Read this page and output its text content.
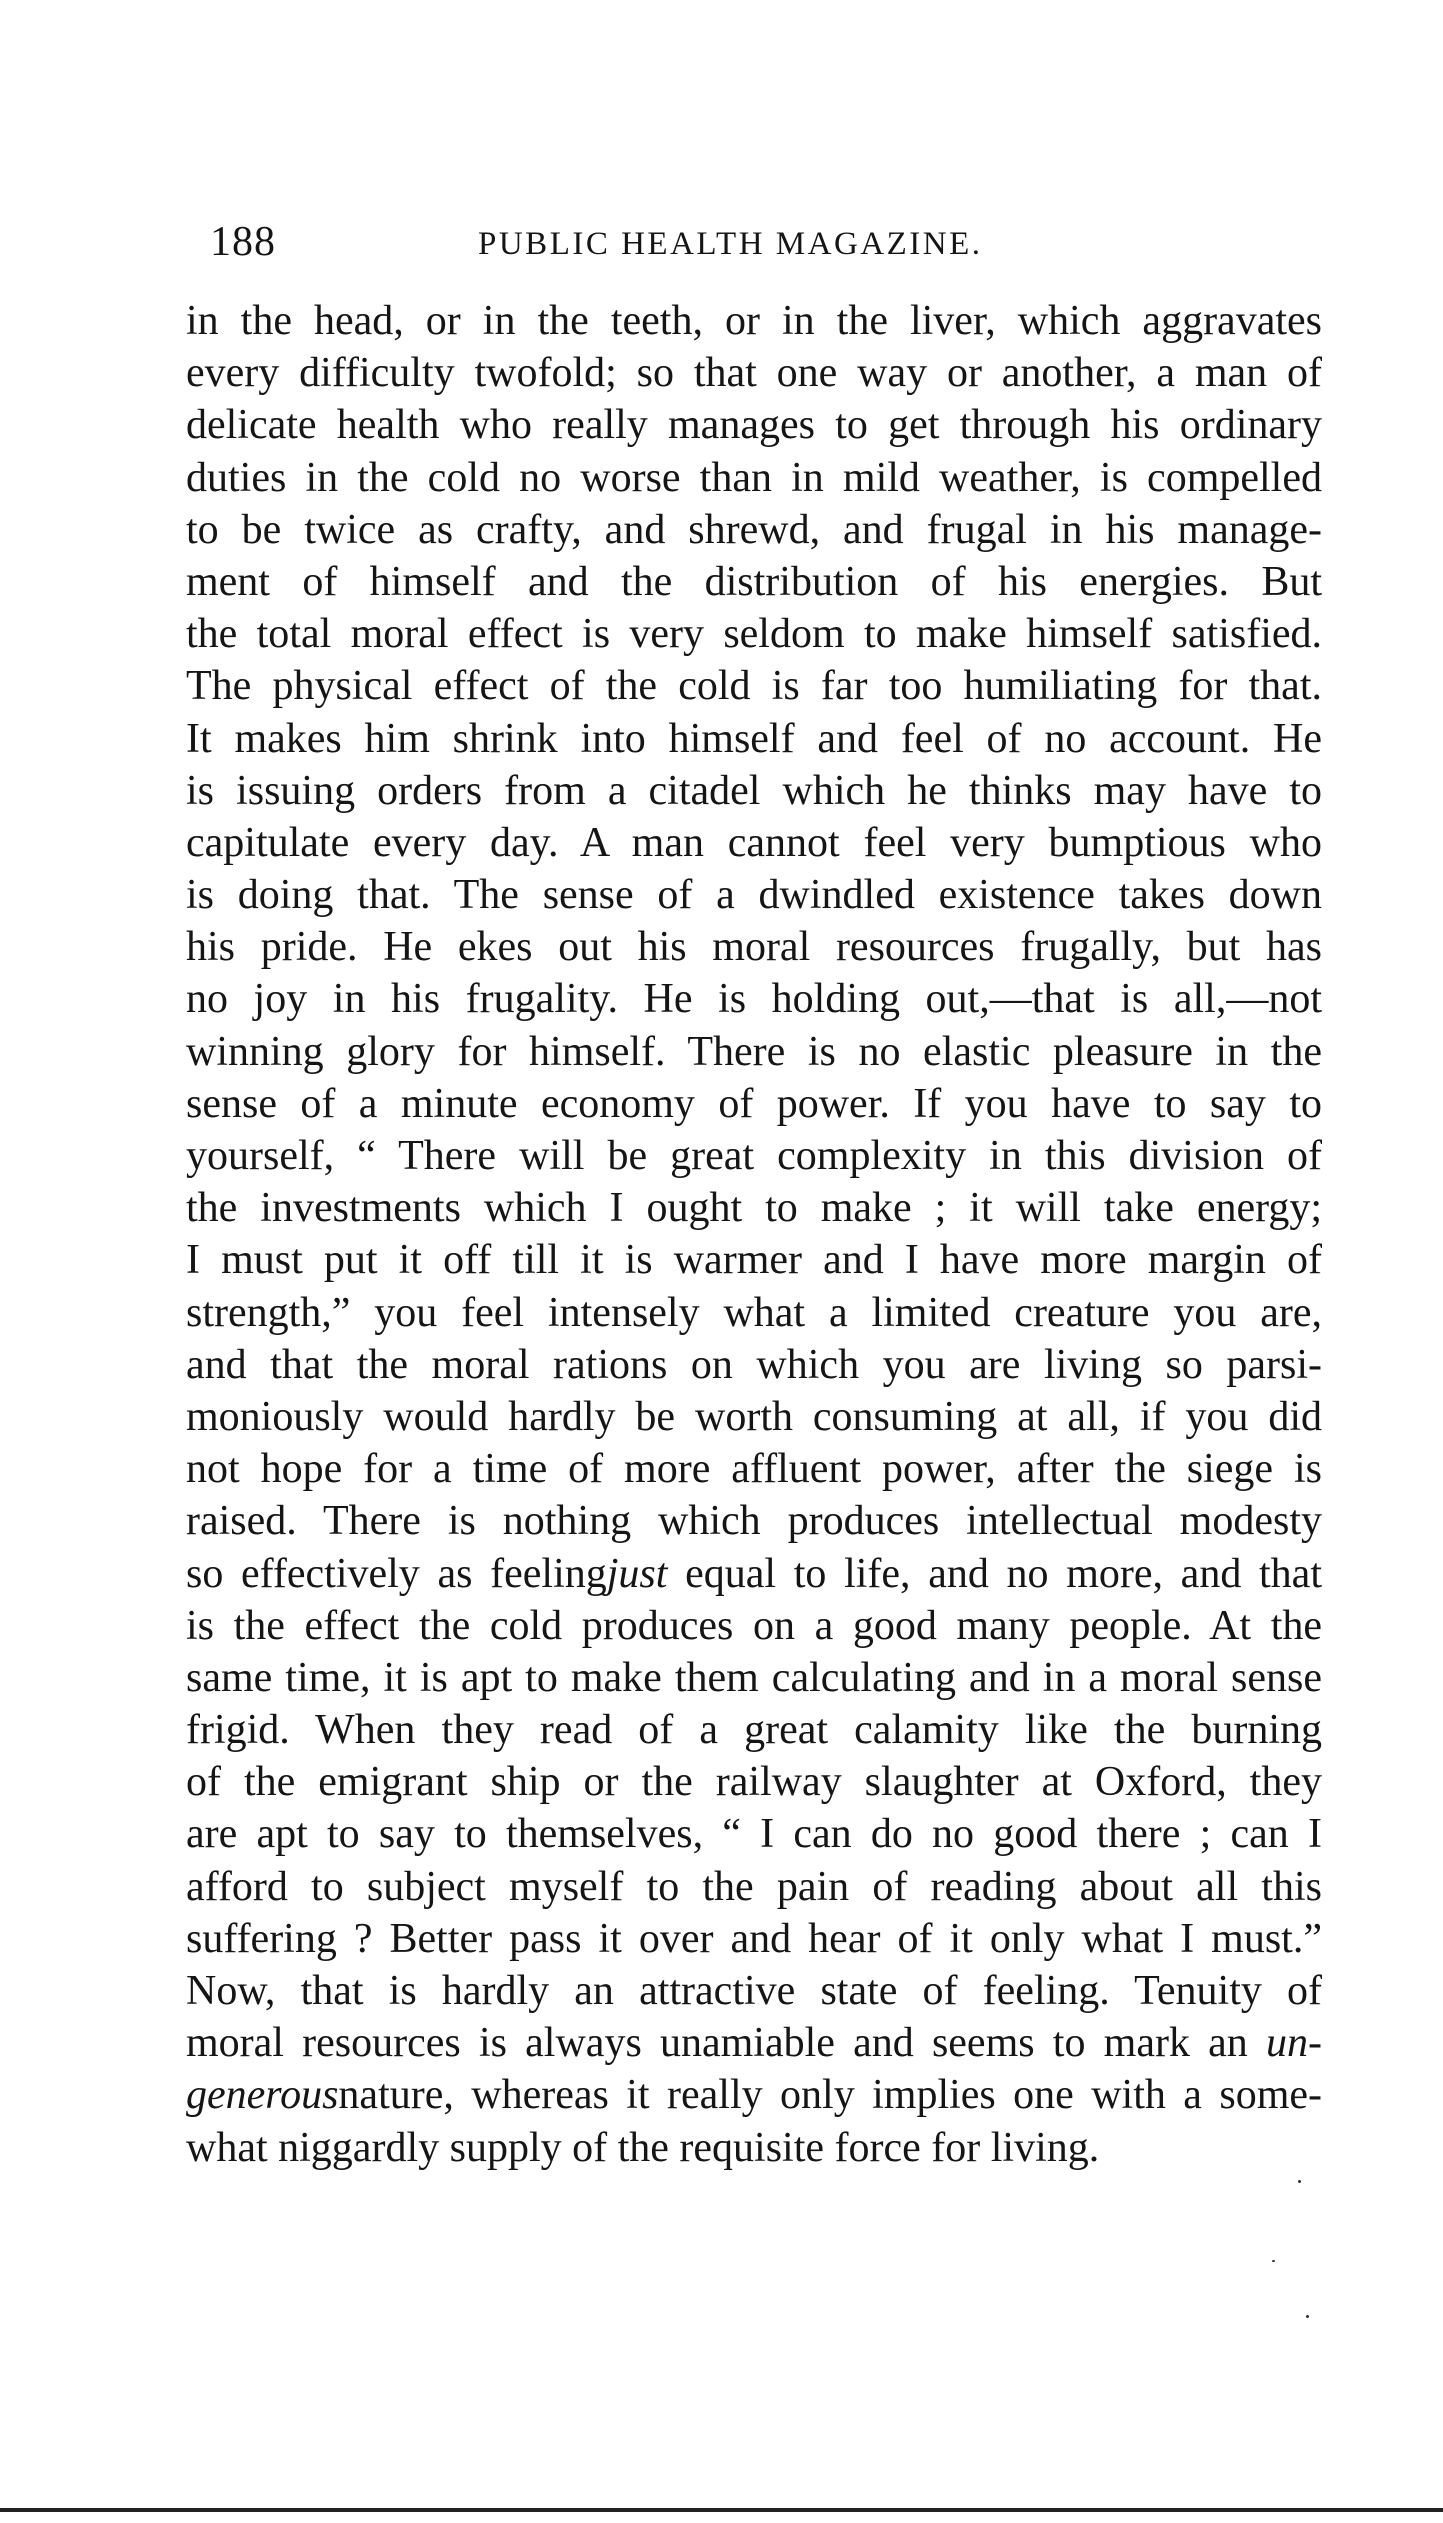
188	PUBLIC HEALTH MAGAZINE.
in the head, or in the teeth, or in the liver, which aggravates
every difficulty twofold; so that one way or another, a man of
delicate health who really manages to get through his ordinary
duties in the cold no worse than in mild weather, is compelled
to be twice as crafty, and shrewd, and frugal in his manage-
ment of himself and the distribution of his energies. But
the total moral effect is very seldom to make himself satisfied.
The physical effect of the cold is far too humiliating for that.
It makes him shrink into himself and feel of no account. He
is issuing orders from a citadel which he thinks may have to
capitulate every day. A man cannot feel very bumptious who
is doing that. The sense of a dwindled existence takes down
his pride. He ekes out his moral resources frugally, but has
no joy in his frugality. He is holding out,—that is all,—not
winning glory for himself. There is no elastic pleasure in the
sense of a minute economy of power. If you have to say to
yourself, “ There will be great complexity in this division of
the investments which I ought to make ; it will take energy;
I must put it off till it is warmer and I have more margin of
strength,” you feel intensely what a limited creature you are,
and that the moral rations on which you are living so parsi-
moniously would hardly be worth consuming at all, if you did
not hope for a time of more affluent power, after the siege is
raised. There is nothing which produces intellectual modesty
so effectively as feelingjust equal to life, and no more, and that
is the effect the cold produces on a good many people. At the
same time, it is apt to make them calculating and in a moral sense
frigid. When they read of a great calamity like the burning
of the emigrant ship or the railway slaughter at Oxford, they
are apt to say to themselves, “ I can do no good there ; can I
afford to subject myself to the pain of reading about all this
suffering ? Better pass it over and hear of it only what I must.”
Now, that is hardly an attractive state of feeling. Tenuity of
moral resources is always unamiable and seems to mark an un-
generousnature, whereas it really only implies one with a some-
what niggardly supply of the requisite force for living.
